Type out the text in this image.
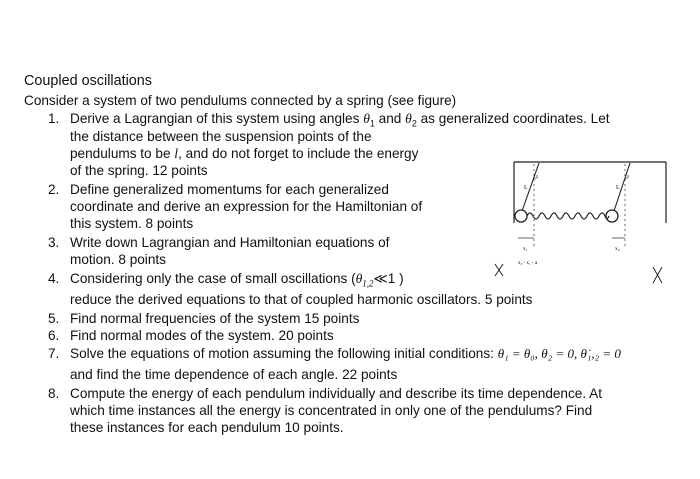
Coupled oscillations
Consider a system of two pendulums connected by a spring (see figure)
1. Derive a Lagrangian of this system using angles $\theta_1$ and $\theta_2$ as generalized coordinates. Let
the distance between the suspension points of the
pendulums to be l, and do not forget to include the energy
of the spring. 12 points
2. Define generalized momentums for each generalized
coordinate and derive an expression for the Hamiltonian of
this system. 8 points
3. Write down Lagrangian and Hamiltonian equations of
motion. 8 points
4. Considering only the case of small oscillations ($\theta_{1,2}≪1$ )
reduce the derived equations to that of coupled harmonic oscillators. 5 points
5. Find normal frequencies of the system 15 points
6. Find normal modes of the system. 20 points
7. Solve the equations of motion assuming the following initial conditions: θ₁ = θ₀, θ₂ = 0, θ̇₁,₂ = 0
and find the time dependence of each angle. 22 points
8. Compute the energy of each pendulum individually and describe its time dependence. At
which time instances all the energy is concentrated in only one of the pendulums? Find
these instances for each pendulum 10 points.
L	L
x₁	x₂
x₂ - x₁ - a
